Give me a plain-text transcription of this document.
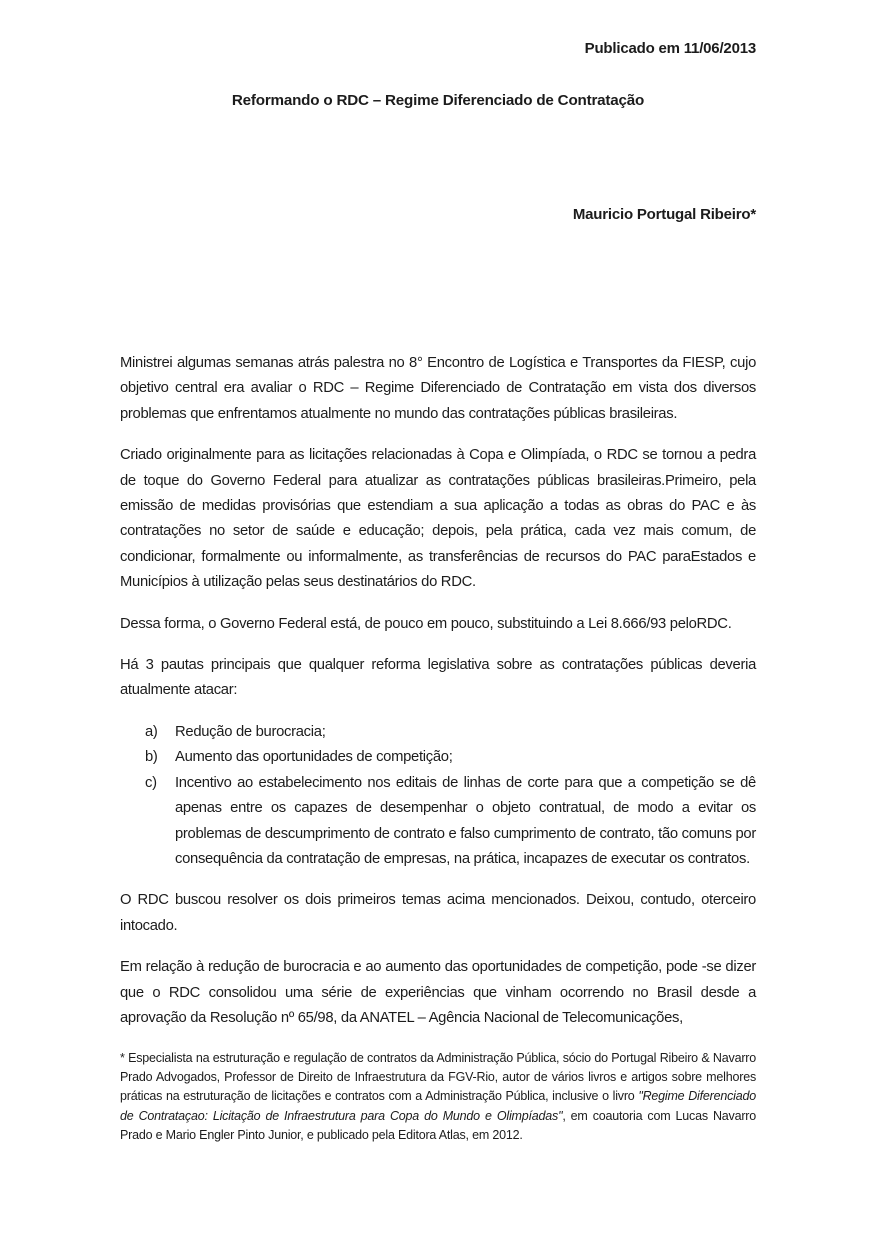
Publicado em 11/06/2013
Reformando o RDC – Regime Diferenciado de Contratação
Mauricio Portugal Ribeiro*

Ministrei algumas semanas atrás palestra no 8° Encontro de Logística e Transportes da FIESP, cujo objetivo central era avaliar o RDC – Regime Diferenciado de Contratação em vista dos diversos problemas que enfrentamos atualmente no mundo das contratações públicas brasileiras.

Criado originalmente para as licitações relacionadas à Copa e Olimpíada, o RDC se tornou a pedra de toque do Governo Federal para atualizar as contratações públicas brasileiras.Primeiro, pela emissão de medidas provisórias que estendiam a sua aplicação a todas as obras do PAC e às contratações no setor de saúde e educação; depois, pela prática, cada vez mais comum, de condicionar, formalmente ou informalmente, as transferências de recursos do PAC paraEstados e Municípios à utilização pelas seus destinatários do RDC.

Dessa forma, o Governo Federal está, de pouco em pouco, substituindo a Lei 8.666/93 peloRDC.

Há 3 pautas principais que qualquer reforma legislativa sobre as contratações públicas deveria atualmente atacar:

a)	Redução de burocracia;
b)	Aumento das oportunidades de competição;
c)	Incentivo ao estabelecimento nos editais de linhas de corte para que a competição se dê apenas entre os capazes de desempenhar o objeto contratual, de modo a evitar os problemas de descumprimento de contrato e falso cumprimento de contrato, tão comuns por consequência da contratação de empresas, na prática, incapazes de executar os contratos.

O RDC buscou resolver os dois primeiros temas acima mencionados. Deixou, contudo, oterceiro intocado.

Em relação à redução de burocracia e ao aumento das oportunidades de competição, pode -se dizer que o RDC consolidou uma série de experiências que vinham ocorrendo no Brasil desde a aprovação da Resolução nº 65/98, da ANATEL – Agência Nacional de Telecomunicações,

* Especialista na estruturação e regulação de contratos da Administração Pública, sócio do Portugal Ribeiro & Navarro Prado Advogados, Professor de Direito de Infraestrutura da FGV-Rio, autor de vários livros e artigos sobre melhores práticas na estruturação de licitações e contratos com a Administração Pública, inclusive o livro "Regime Diferenciado de Contrataçao: Licitação de Infraestrutura para Copa do Mundo e Olimpíadas", em coautoria com Lucas Navarro Prado e Mario Engler Pinto Junior, e publicado pela Editora Atlas, em 2012.
